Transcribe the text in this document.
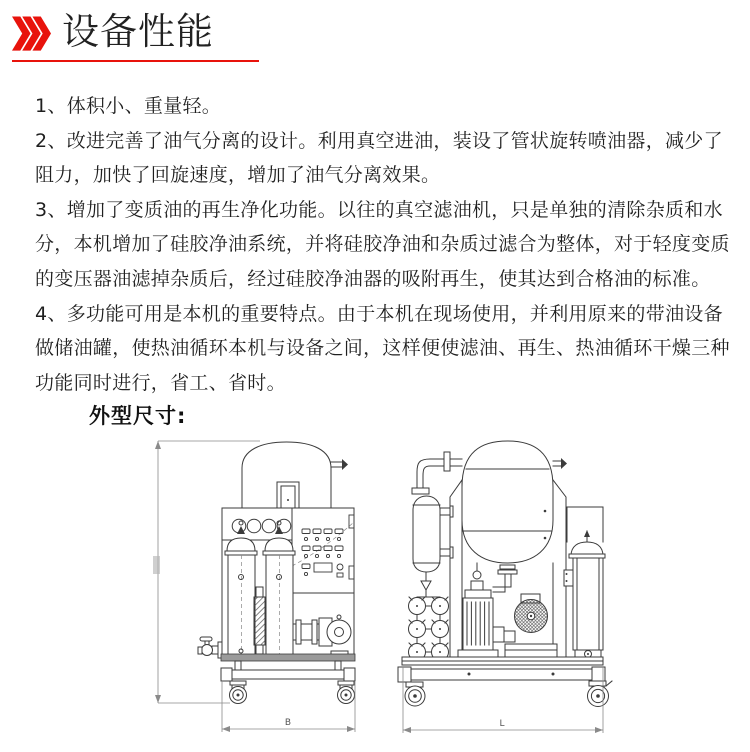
设备性能

1、体积小、重量轻。

2、改进完善了油气分离的设计。利用真空进油，装设了管状旋转喷油器，减少了

阻力，加快了回旋速度，增加了油气分离效果。

3、增加了变质油的再生净化功能。以往的真空滤油机，只是单独的清除杂质和水

分，本机增加了硅胶净油系统，并将硅胶净油和杂质过滤合为整体，对于轻度变质

的变压器油滤掉杂质后，经过硅胶净油器的吸附再生，使其达到合格油的标准。

4、多功能可用是本机的重要特点。由于本机在现场使用，并利用原来的带油设备

做储油罐，使热油循环本机与设备之间，这样便使滤油、再生、热油循环干燥三种

功能同时进行，省工、省时。

外型尺寸:
B	L
